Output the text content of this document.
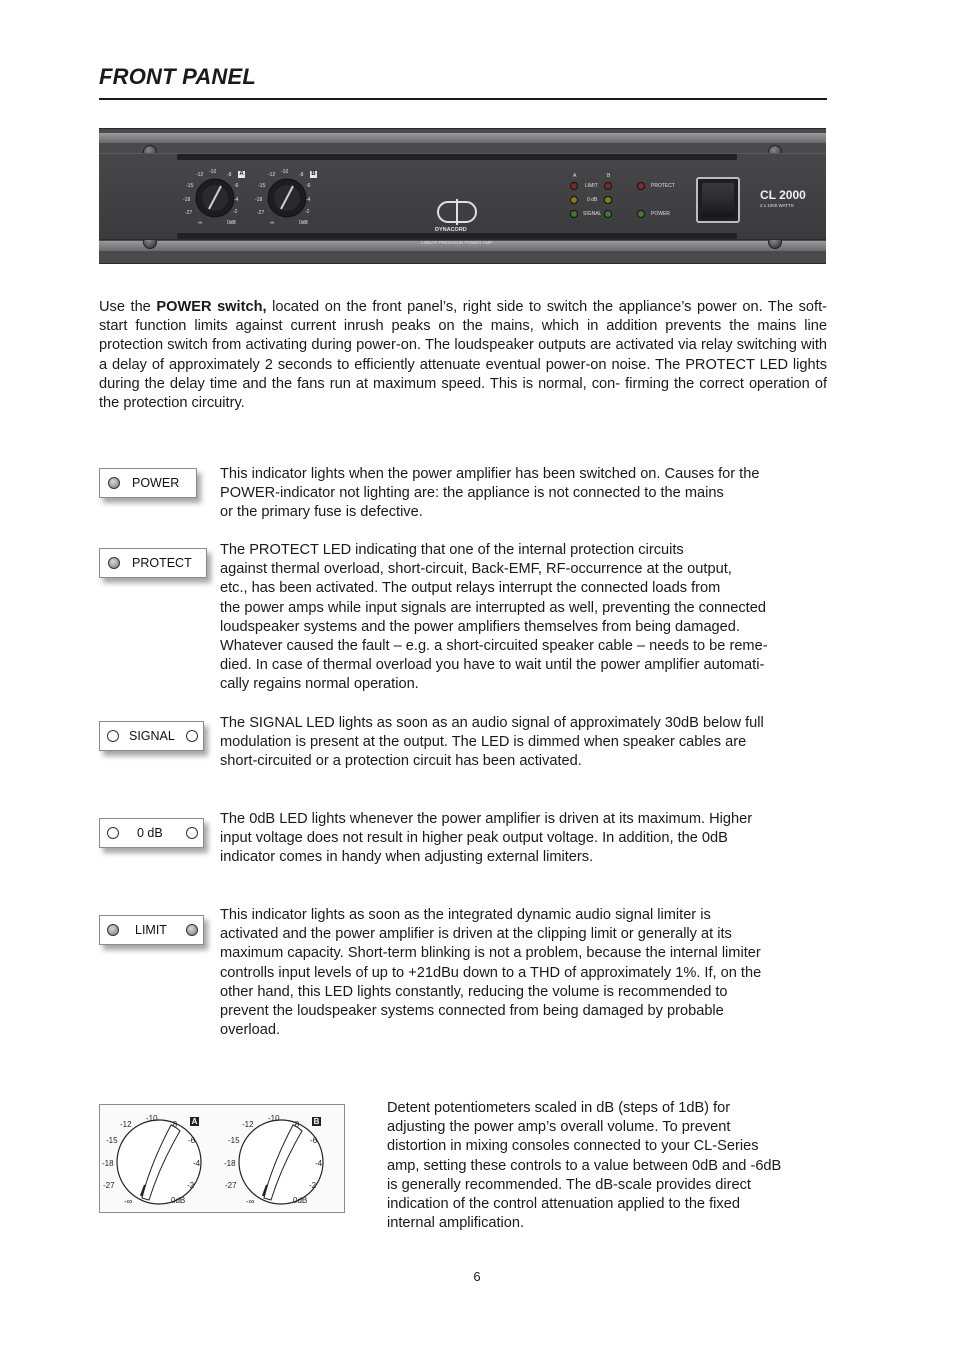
FRONT PANEL
-12 -10 -8
-6
-4
-2
0dB
-∞
-27
-18
-15
A	-12 -10 -8
-6
-4
-2
0dB
-∞
-27
-18
-15
B
DYNACORD
LINEAR PRECISION POWER AMP
A	B
LIMIT
0 dB
SIGNAL
PROTECT
POWER
CL 2000
2 x 1000 WATTS
Use the POWER switch, located on the front panel’s, right side to switch the appliance’s power on. The soft-start function limits against current inrush peaks on the mains, which in addition prevents the mains line protection switch from activating during power-on. The loudspeaker outputs are activated via relay switching with a delay of approximately 2 seconds to efficiently attenuate eventual power-on noise. The PROTECT LED lights during the delay time and the fans run at maximum speed. This is normal, con- firming the correct operation of the protection circuitry.
POWER
This indicator lights when the power amplifier has been switched on. Causes for the
POWER-indicator not lighting are: the appliance is not connected to the mains
or the primary fuse is defective.
PROTECT
The PROTECT LED indicating that one of the internal protection circuits
against thermal overload, short-circuit, Back-EMF, RF-occurrence at the output,
etc., has been activated. The output relays interrupt the connected loads from
the power amps while input signals are interrupted as well, preventing the connected
loudspeaker systems and the power amplifiers themselves from being damaged.
Whatever caused the fault – e.g. a short-circuited speaker cable – needs to be reme-
died. In case of thermal overload you have to wait until the power amplifier automati-
cally regains normal operation.
SIGNAL
The SIGNAL LED lights as soon as an audio signal of approximately 30dB below full
modulation is present at the output. The LED is dimmed when speaker cables are
short-circuited or a protection circuit has been activated.
0 dB
The 0dB LED lights whenever the power amplifier is driven at its maximum. Higher
input voltage does not result in higher peak output voltage. In addition, the 0dB
indicator comes in handy when adjusting external limiters.
LIMIT
This indicator lights as soon as the integrated dynamic audio signal limiter is
activated and the power amplifier is driven at the clipping limit or generally at its
maximum capacity. Short-term blinking is not a problem, because the internal limiter
controlls input levels of up to +21dBu down to a THD of approximately 1%. If, on the
other hand, this LED lights constantly, reducing the volume is recommended to
prevent the loudspeaker systems connected from being damaged by probable
overload.
-12
-10
-8
-6
-4
-2
0dB
-∞
-27
-18
-15
A	-12
-10
-8
-6
-4
-2
0dB
-∞
-27
-18
-15
B
Detent potentiometers scaled in dB (steps of 1dB) for
adjusting the power amp’s overall volume. To prevent
distortion in mixing consoles connected to your CL-Series
amp, setting these controls to a value between 0dB and -6dB
is generally recommended. The dB-scale provides direct
indication of the control attenuation applied to the fixed
internal amplification.
6
